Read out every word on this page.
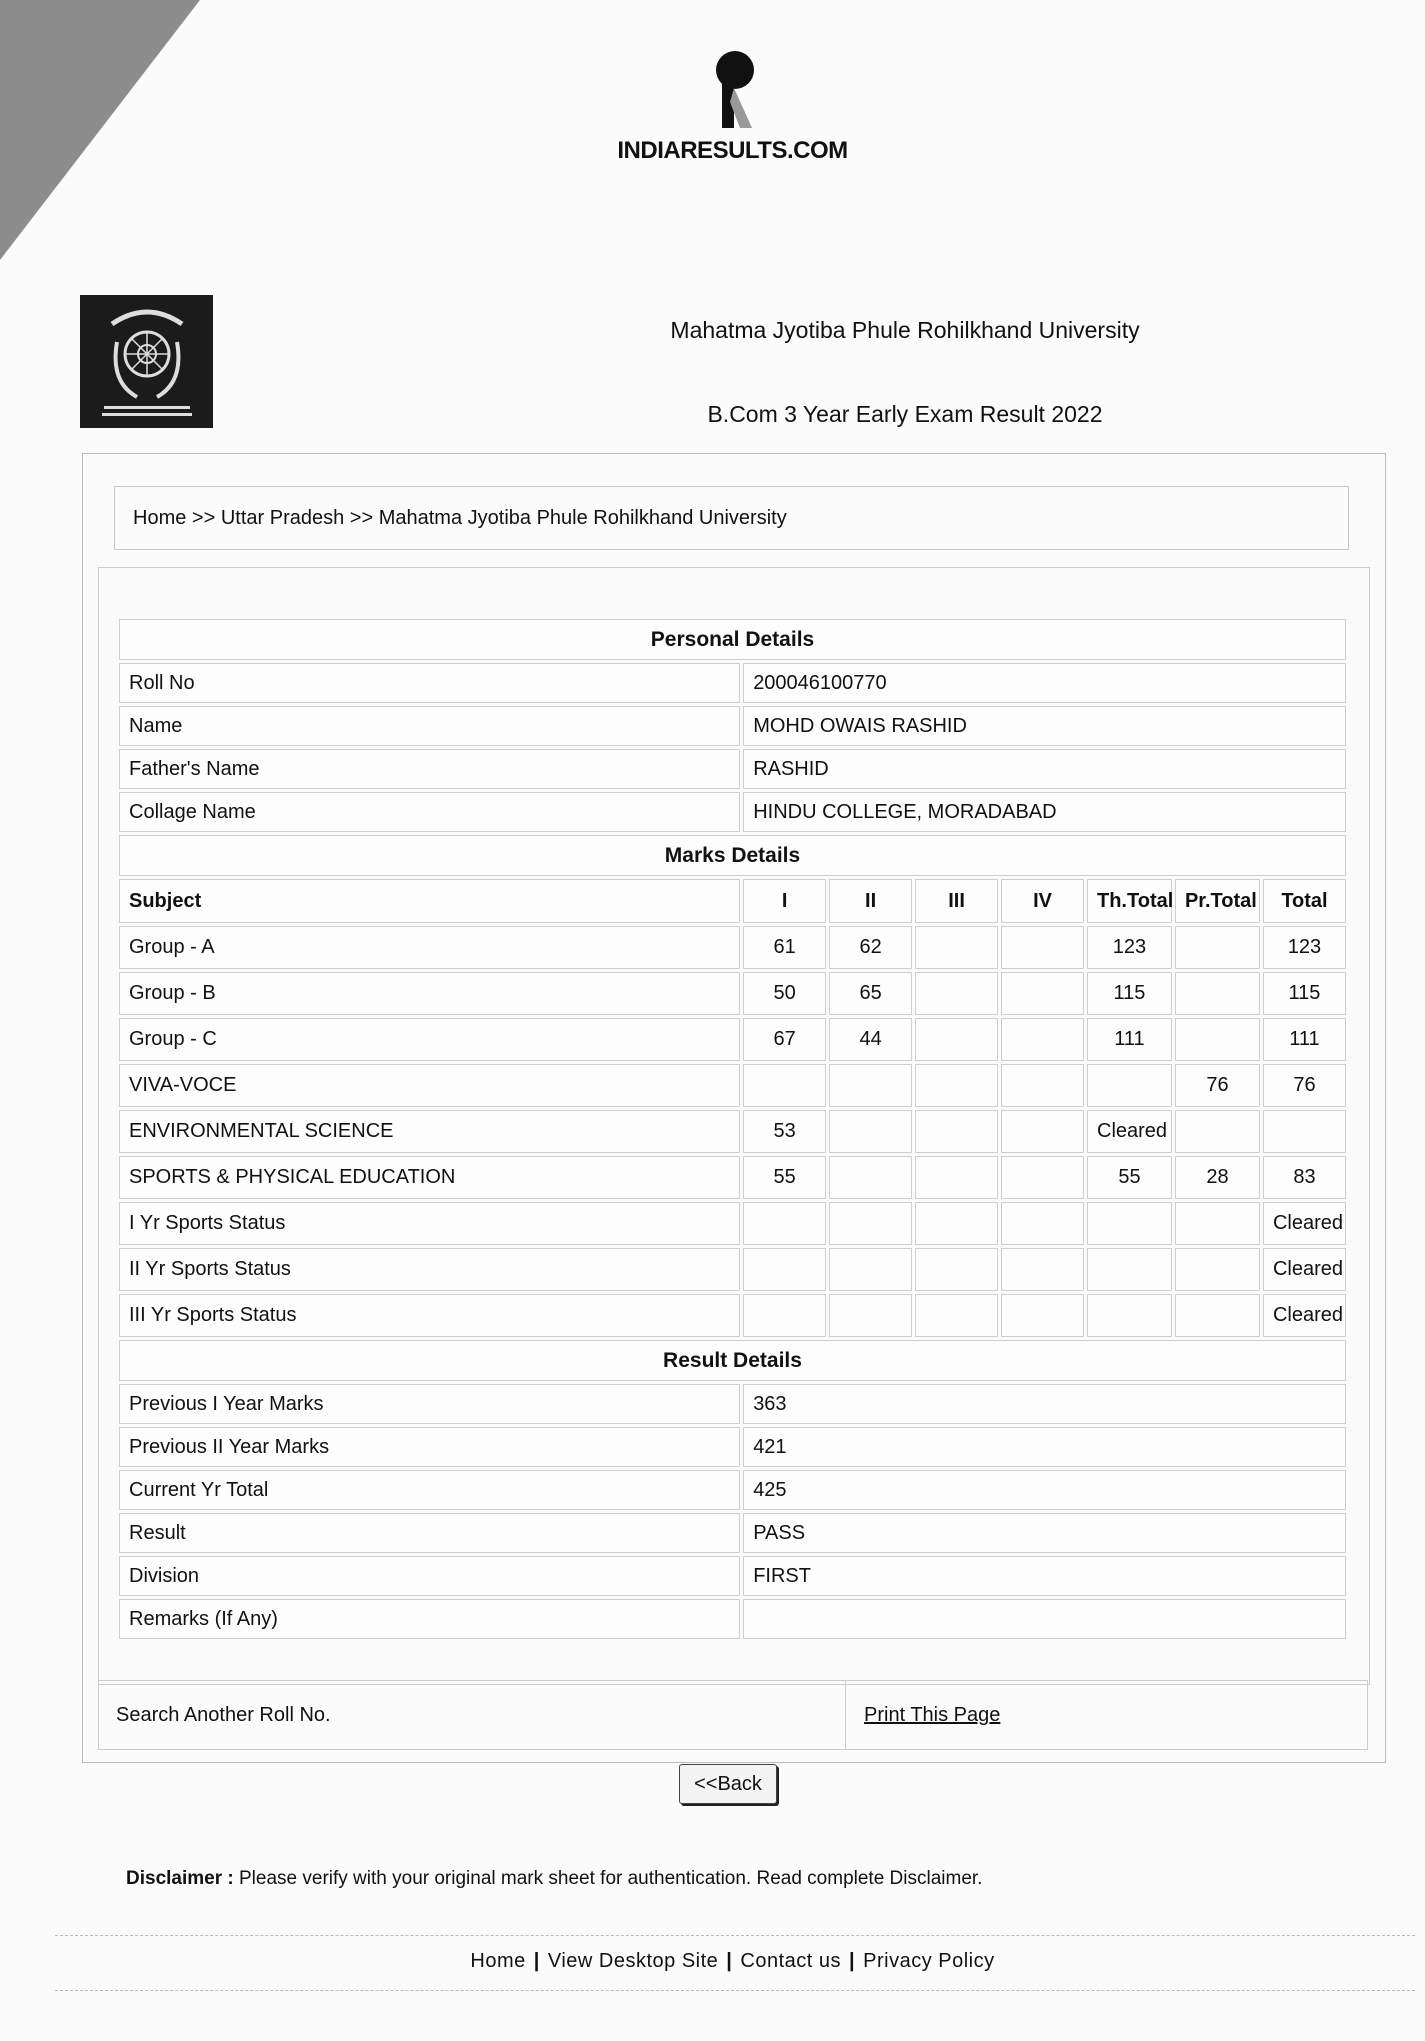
INDIARESULTS.COM
Mahatma Jyotiba Phule Rohilkhand University
B.Com 3 Year Early Exam Result 2022
Home	>> Uttar Pradesh	>> Mahatma Jyotiba Phule Rohilkhand University
Personal Details							
Roll No	200046100770						
Name	MOHD OWAIS RASHID						
Father's Name	RASHID						
Collage Name	HINDU COLLEGE, MORADABAD						
Marks Details							
Subject	I	II	III	IV	Th.Total	Pr.Total	Total
Group - A	61	62			123		123
Group - B	50	65			115		115
Group - C	67	44			111		111
VIVA-VOCE						76	76
ENVIRONMENTAL SCIENCE	53				Cleared		
SPORTS & PHYSICAL EDUCATION	55				55	28	83
I Yr Sports Status							Cleared
II Yr Sports Status							Cleared
III Yr Sports Status							Cleared
Result Details							
Previous I Year Marks	363						
Previous II Year Marks	421						
Current Yr Total	425						
Result	PASS						
Division	FIRST						
Remarks (If Any)							
Search Another Roll No.	Print This Page
<<Back
Disclaimer : Please verify with your original mark sheet for authentication. Read complete Disclaimer.
Home | View Desktop Site | Contact us | Privacy Policy
